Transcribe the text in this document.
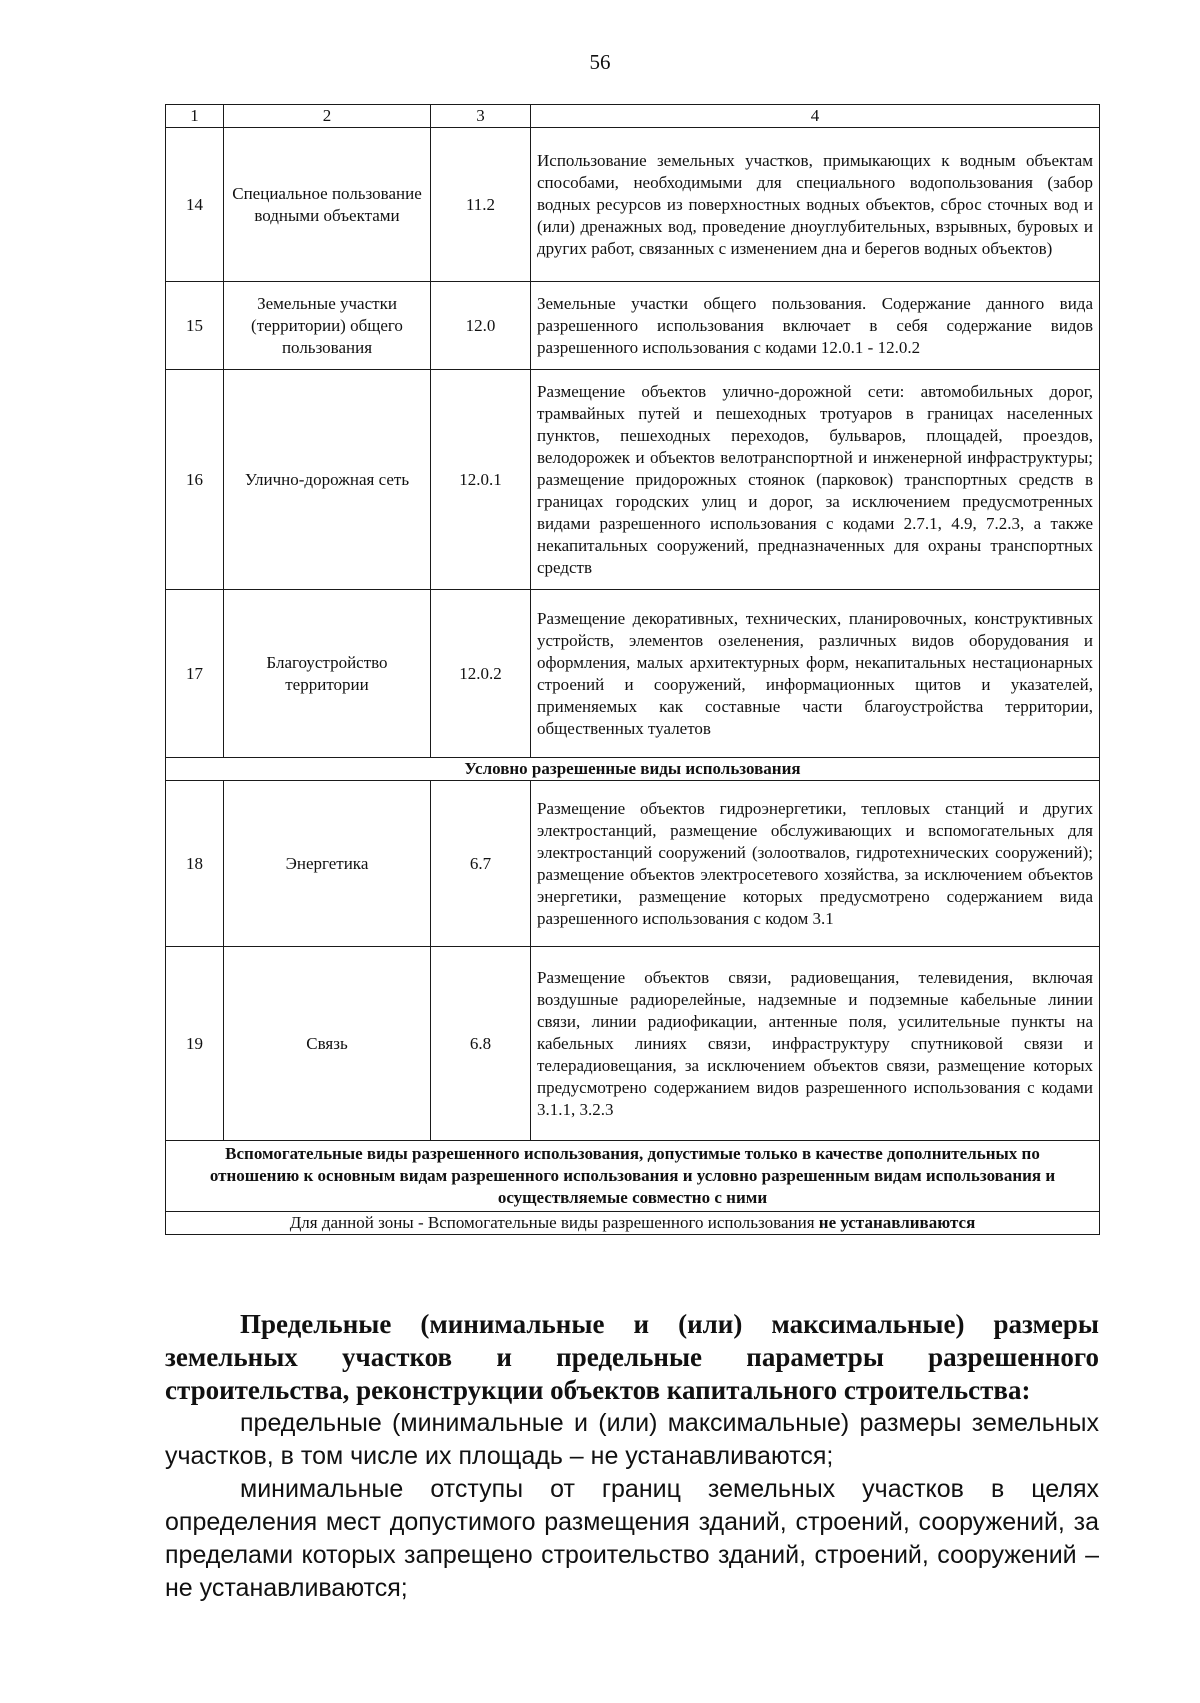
56
1	2	3	4
14	Специальное пользование водными объектами	11.2	Использование земельных участков, примыкающих к водным объектам способами, необходимыми для специального водопользования (забор водных ресурсов из поверхностных водных объектов, сброс сточных вод и (или) дренажных вод, проведение дноуглубительных, взрывных, буровых и других работ, связанных с изменением дна и берегов водных объектов)
15	Земельные участки (территории) общего пользования	12.0	Земельные участки общего пользования. Содержание данного вида разрешенного использования включает в себя содержание видов разрешенного использования с кодами 12.0.1 - 12.0.2
16	Улично-дорожная сеть	12.0.1	Размещение объектов улично-дорожной сети: автомобильных дорог, трамвайных путей и пешеходных тротуаров в границах населенных пунктов, пешеходных переходов, бульваров, площадей, проездов, велодорожек и объектов велотранспортной и инженерной инфраструктуры; размещение придорожных стоянок (парковок) транспортных средств в границах городских улиц и дорог, за исключением предусмотренных видами разрешенного использования с кодами 2.7.1, 4.9, 7.2.3, а также некапитальных сооружений, предназначенных для охраны транспортных средств
17	Благоустройство территории	12.0.2	Размещение декоративных, технических, планировочных, конструктивных устройств, элементов озеленения, различных видов оборудования и оформления, малых архитектурных форм, некапитальных нестационарных строений и сооружений, информационных щитов и указателей, применяемых как составные части благоустройства территории, общественных туалетов
Условно разрешенные виды использования			
18	Энергетика	6.7	Размещение объектов гидроэнергетики, тепловых станций и других электростанций, размещение обслуживающих и вспомогательных для электростанций сооружений (золоотвалов, гидротехнических сооружений); размещение объектов электросетевого хозяйства, за исключением объектов энергетики, размещение которых предусмотрено содержанием вида разрешенного использования с кодом 3.1
19	Связь	6.8	Размещение объектов связи, радиовещания, телевидения, включая воздушные радиорелейные, надземные и подземные кабельные линии связи, линии радиофикации, антенные поля, усилительные пункты на кабельных линиях связи, инфраструктуру спутниковой связи и телерадиовещания, за исключением объектов связи, размещение которых предусмотрено содержанием видов разрешенного использования с кодами 3.1.1, 3.2.3
Вспомогательные виды разрешенного использования, допустимые только в качестве дополнительных по отношению к основным видам разрешенного использования и условно разрешенным видам использования и осуществляемые совместно с ними			
Для данной зоны - Вспомогательные виды разрешенного использования не устанавливаются			

Предельные (минимальные и (или) максимальные) размеры земельных участков и предельные параметры разрешенного строительства, реконструкции объектов капитального строительства:

предельные (минимальные и (или) максимальные) размеры земельных участков, в том числе их площадь – не устанавливаются;

минимальные отступы от границ земельных участков в целях определения мест допустимого размещения зданий, строений, сооружений, за пределами которых запрещено строительство зданий, строений, сооружений – не устанавливаются;
